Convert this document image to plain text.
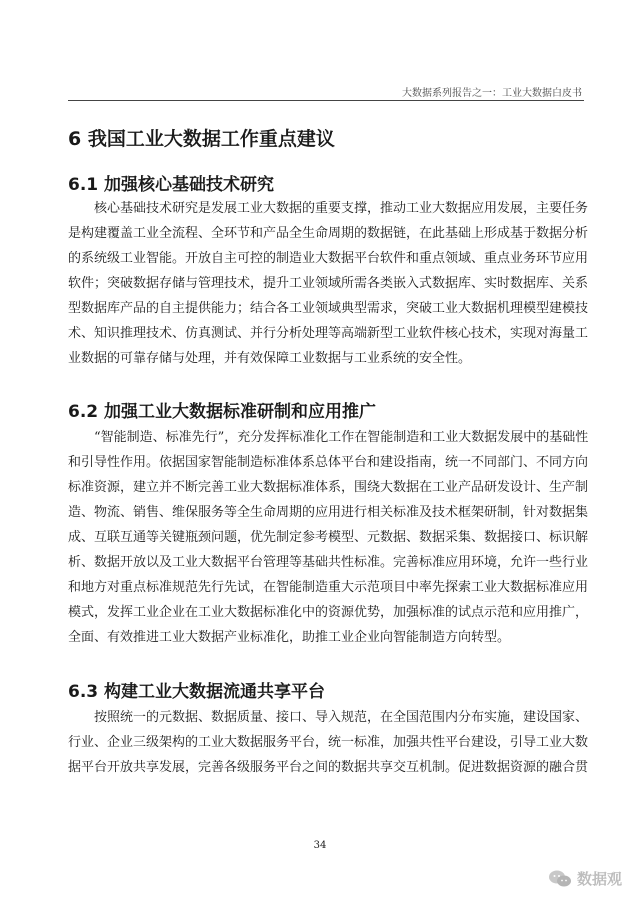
大数据系列报告之一：工业大数据白皮书
6 我国工业大数据工作重点建议
6.1 加强核心基础技术研究
核心基础技术研究是发展工业大数据的重要支撑，推动工业大数据应用发展，主要任务
是构建覆盖工业全流程、全环节和产品全生命周期的数据链，在此基础上形成基于数据分析
的系统级工业智能。开放自主可控的制造业大数据平台软件和重点领域、重点业务环节应用
软件；突破数据存储与管理技术，提升工业领域所需各类嵌入式数据库、实时数据库、关系
型数据库产品的自主提供能力；结合各工业领域典型需求，突破工业大数据机理模型建模技
术、知识推理技术、仿真测试、并行分析处理等高端新型工业软件核心技术，实现对海量工
业数据的可靠存储与处理，并有效保障工业数据与工业系统的安全性。
6.2 加强工业大数据标准研制和应用推广
“智能制造、标准先行”，充分发挥标准化工作在智能制造和工业大数据发展中的基础性
和引导性作用。依据国家智能制造标准体系总体平台和建设指南，统一不同部门、不同方向
标准资源，建立并不断完善工业大数据标准体系，围绕大数据在工业产品研发设计、生产制
造、物流、销售、维保服务等全生命周期的应用进行相关标准及技术框架研制，针对数据集
成、互联互通等关键瓶颈问题，优先制定参考模型、元数据、数据采集、数据接口、标识解
析、数据开放以及工业大数据平台管理等基础共性标准。完善标准应用环境，允许一些行业
和地方对重点标准规范先行先试，在智能制造重大示范项目中率先探索工业大数据标准应用
模式，发挥工业企业在工业大数据标准化中的资源优势，加强标准的试点示范和应用推广，
全面、有效推进工业大数据产业标准化，助推工业企业向智能制造方向转型。
6.3 构建工业大数据流通共享平台
按照统一的元数据、数据质量、接口、导入规范，在全国范围内分布实施，建设国家、
行业、企业三级架构的工业大数据服务平台，统一标准，加强共性平台建设，引导工业大数
据平台开放共享发展，完善各级服务平台之间的数据共享交互机制。促进数据资源的融合贯
34
数据观
